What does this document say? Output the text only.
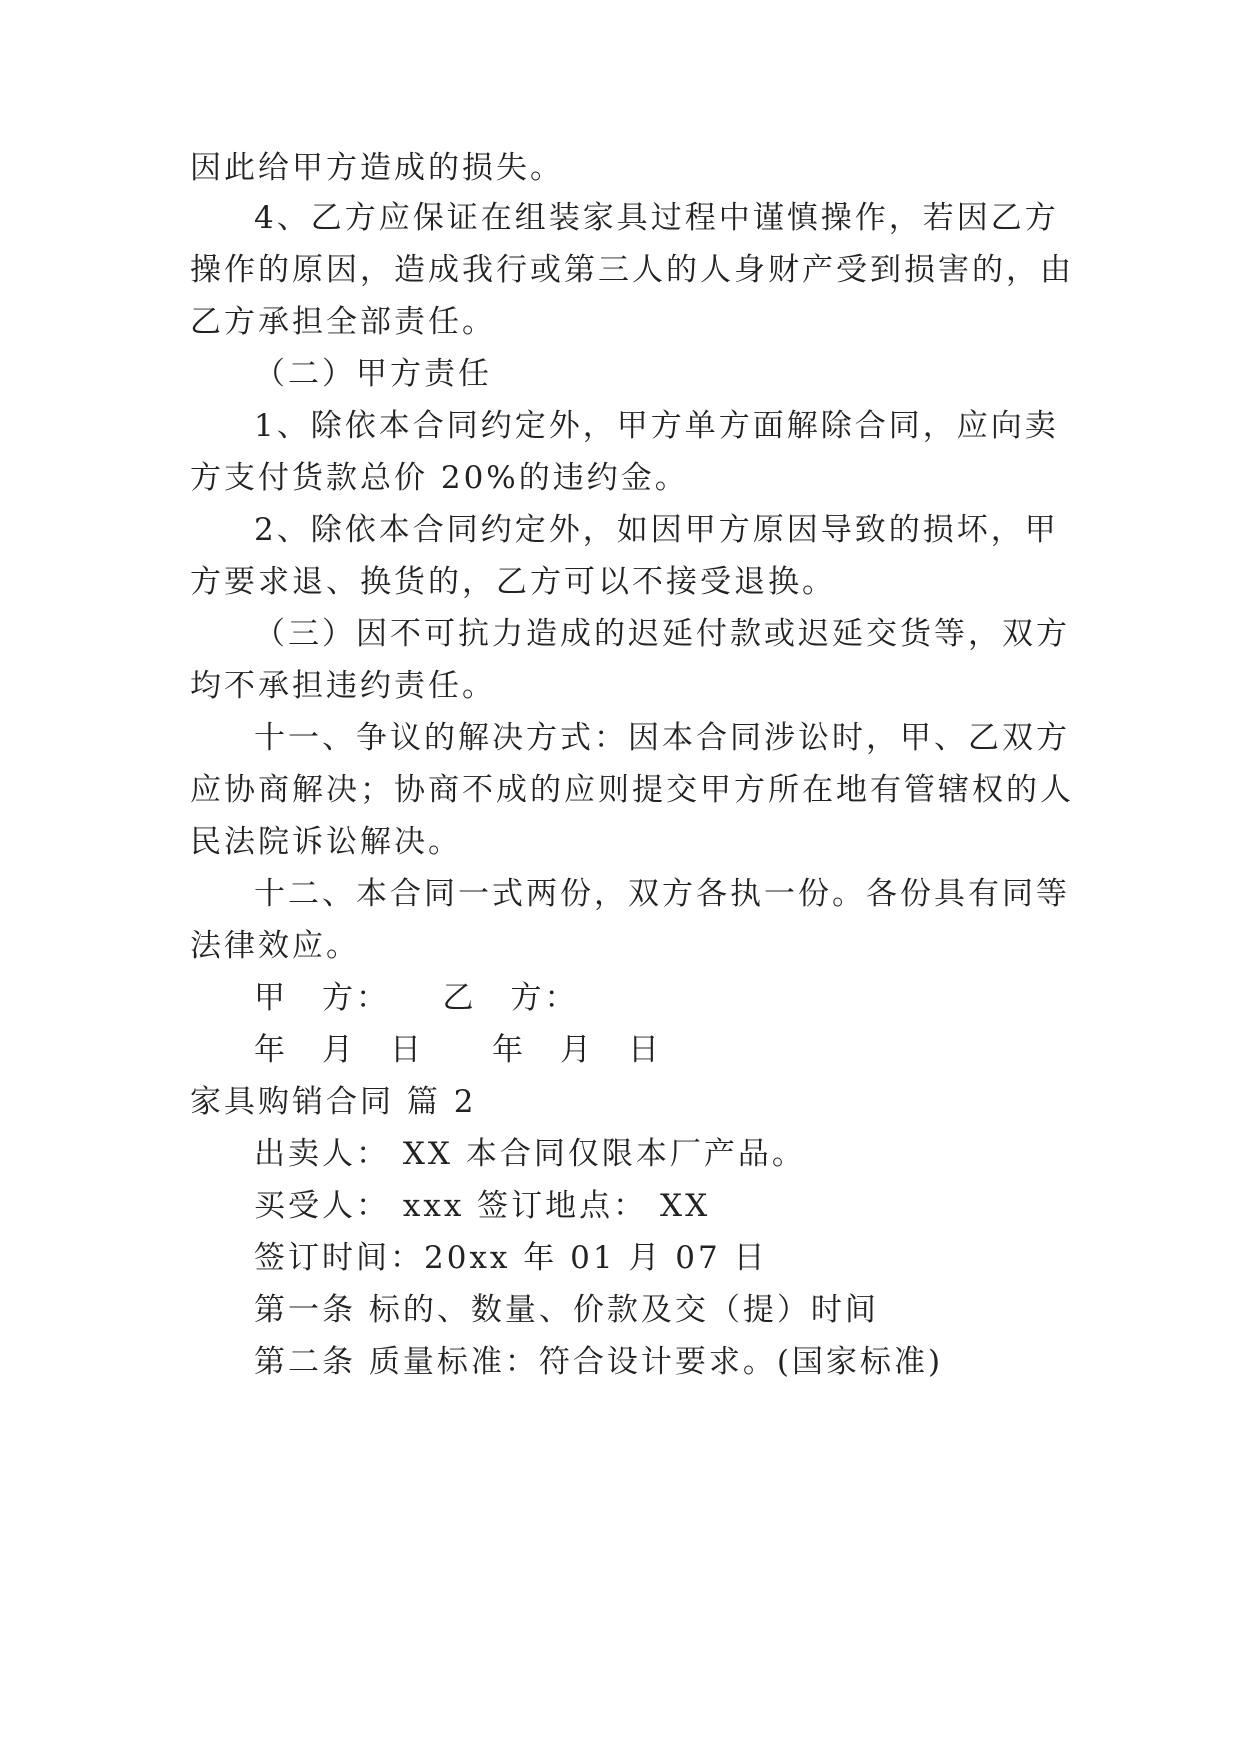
因此给甲方造成的损失。
4、乙方应保证在组装家具过程中谨慎操作，若因乙方
操作的原因，造成我行或第三人的人身财产受到损害的，由
乙方承担全部责任。
（二）甲方责任
1、除依本合同约定外，甲方单方面解除合同，应向卖
方支付货款总价 20%的违约金。
2、除依本合同约定外，如因甲方原因导致的损坏，甲
方要求退、换货的，乙方可以不接受退换。
（三）因不可抗力造成的迟延付款或迟延交货等，双方
均不承担违约责任。
十一、争议的解决方式：因本合同涉讼时，甲、乙双方
应协商解决；协商不成的应则提交甲方所在地有管辖权的人
民法院诉讼解决。
十二、本合同一式两份，双方各执一份。各份具有同等
法律效应。
甲　方：　　乙　方：
年　月　日　　年　月　日
家具购销合同 篇 2
出卖人： XX 本合同仅限本厂产品。
买受人： xxx 签订地点： XX
签订时间：20xx 年 01 月 07 日
第一条 标的、数量、价款及交（提）时间
第二条 质量标准：符合设计要求。(国家标准)
